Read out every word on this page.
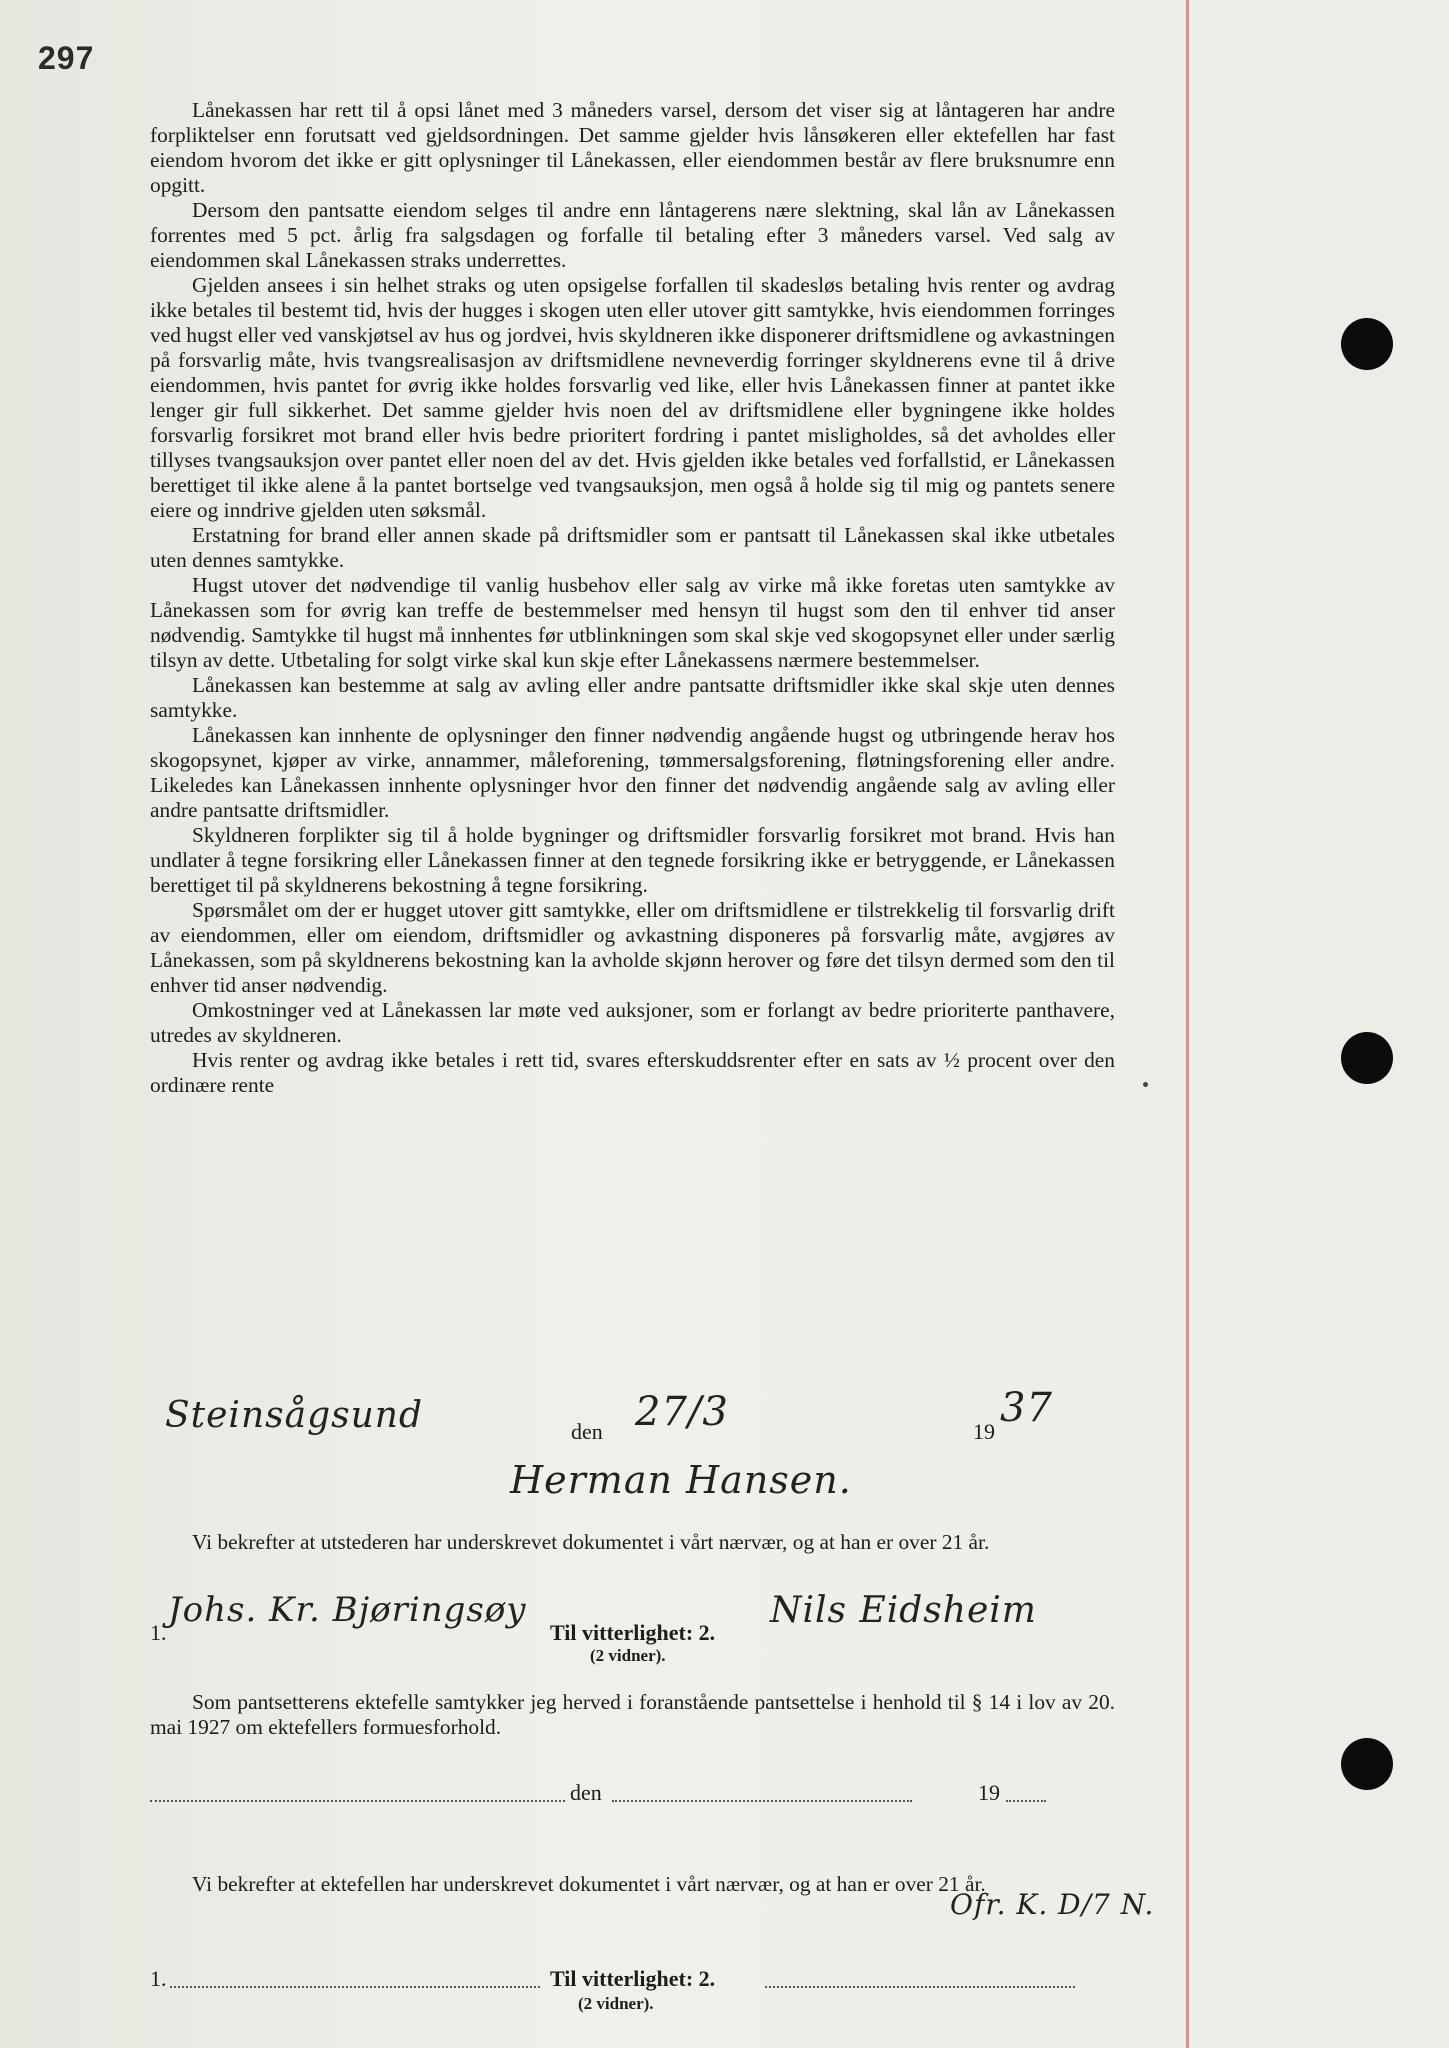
297

Lånekassen har rett til å opsi lånet med 3 måneders varsel, dersom det viser sig at låntageren har andre forpliktelser enn forutsatt ved gjeldsordningen. Det samme gjelder hvis lånsøkeren eller ektefellen har fast eiendom hvorom det ikke er gitt oplysninger til Lånekassen, eller eiendommen består av flere bruksnumre enn opgitt.

Dersom den pantsatte eiendom selges til andre enn låntagerens nære slektning, skal lån av Lånekassen forrentes med 5 pct. årlig fra salgsdagen og forfalle til betaling efter 3 måneders varsel. Ved salg av eiendommen skal Lånekassen straks underrettes.

Gjelden ansees i sin helhet straks og uten opsigelse forfallen til skadesløs betaling hvis renter og avdrag ikke betales til bestemt tid, hvis der hugges i skogen uten eller utover gitt samtykke, hvis eiendommen forringes ved hugst eller ved vanskjøtsel av hus og jordvei, hvis skyldneren ikke disponerer driftsmidlene og avkastningen på forsvarlig måte, hvis tvangsrealisasjon av driftsmidlene nevneverdig forringer skyldnerens evne til å drive eiendommen, hvis pantet for øvrig ikke holdes forsvarlig ved like, eller hvis Lånekassen finner at pantet ikke lenger gir full sikkerhet. Det samme gjelder hvis noen del av driftsmidlene eller bygningene ikke holdes forsvarlig forsikret mot brand eller hvis bedre prioritert fordring i pantet misligholdes, så det avholdes eller tillyses tvangsauksjon over pantet eller noen del av det. Hvis gjelden ikke betales ved forfallstid, er Lånekassen berettiget til ikke alene å la pantet bortselge ved tvangsauksjon, men også å holde sig til mig og pantets senere eiere og inndrive gjelden uten søksmål.

Erstatning for brand eller annen skade på driftsmidler som er pantsatt til Lånekassen skal ikke utbetales uten dennes samtykke.

Hugst utover det nødvendige til vanlig husbehov eller salg av virke må ikke foretas uten samtykke av Lånekassen som for øvrig kan treffe de bestemmelser med hensyn til hugst som den til enhver tid anser nødvendig. Samtykke til hugst må innhentes før utblinkningen som skal skje ved skogopsynet eller under særlig tilsyn av dette. Utbetaling for solgt virke skal kun skje efter Lånekassens nærmere bestemmelser.

Lånekassen kan bestemme at salg av avling eller andre pantsatte driftsmidler ikke skal skje uten dennes samtykke.

Lånekassen kan innhente de oplysninger den finner nødvendig angående hugst og utbringende herav hos skogopsynet, kjøper av virke, annammer, måleforening, tømmersalgsforening, fløtningsforening eller andre. Likeledes kan Lånekassen innhente oplysninger hvor den finner det nødvendig angående salg av avling eller andre pantsatte driftsmidler.

Skyldneren forplikter sig til å holde bygninger og driftsmidler forsvarlig forsikret mot brand. Hvis han undlater å tegne forsikring eller Lånekassen finner at den tegnede forsikring ikke er betryggende, er Lånekassen berettiget til på skyldnerens bekostning å tegne forsikring.

Spørsmålet om der er hugget utover gitt samtykke, eller om driftsmidlene er tilstrekkelig til forsvarlig drift av eiendommen, eller om eiendom, driftsmidler og avkastning disponeres på forsvarlig måte, avgjøres av Lånekassen, som på skyldnerens bekostning kan la avholde skjønn herover og føre det tilsyn dermed som den til enhver tid anser nødvendig.

Omkostninger ved at Lånekassen lar møte ved auksjoner, som er forlangt av bedre prioriterte panthavere, utredes av skyldneren.

Hvis renter og avdrag ikke betales i rett tid, svares efterskuddsrenter efter en sats av ½ procent over den ordinære rente

Steinsågsund	den 27/3	19
37
Herman Hansen.
Vi bekrefter at utstederen har underskrevet dokumentet i vårt nærvær, og at han er over 21 år.
1.
Johs. Kr. Bjøringsøy
Til vitterlighet: 2.
(2 vidner).
Nils Eidsheim
Som pantsetterens ektefelle samtykker jeg herved i foranstående pantsettelse i henhold til § 14 i lov av 20. mai 1927 om ektefellers formuesforhold.
den	19
Vi bekrefter at ektefellen har underskrevet dokumentet i vårt nærvær, og at han er over 21 år.
Ofr. K. D/7 N.
1.	Til vitterlighet: 2.
(2 vidner).
